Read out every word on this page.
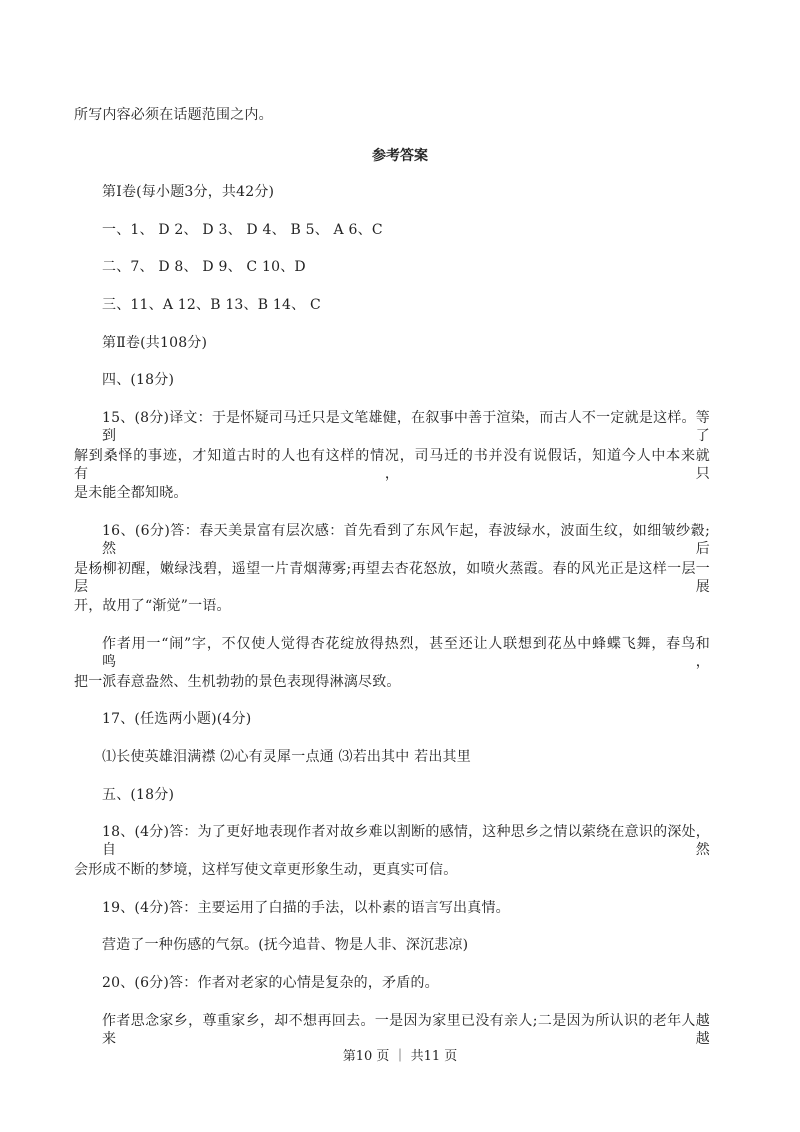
所写内容必须在话题范围之内。
参考答案
第Ⅰ卷(每小题3分，共42分)
一、1、 D 2、 D 3、 D 4、 B 5、 A 6、C
二、7、 D 8、 D 9、 C 10、D
三、11、A 12、B 13、B 14、 C
第Ⅱ卷(共108分)
四、(18分)
15、(8分)译文：于是怀疑司马迁只是文笔雄健，在叙事中善于渲染，而古人不一定就是这样。等到了
解到桑怿的事迹，才知道古时的人也有这样的情况，司马迁的书并没有说假话，知道今人中本来就有，只
是未能全都知晓。
16、(6分)答：春天美景富有层次感：首先看到了东风乍起，春波绿水，波面生纹，如细皱纱縠;然后
是杨柳初醒，嫩绿浅碧，遥望一片青烟薄雾;再望去杏花怒放，如喷火蒸霞。春的风光正是这样一层一层展
开，故用了“渐觉”一语。
作者用一“闹”字，不仅使人觉得杏花绽放得热烈，甚至还让人联想到花丛中蜂蝶飞舞，春鸟和鸣，
把一派春意盎然、生机勃勃的景色表现得淋漓尽致。
17、(任选两小题)(4分)
⑴长使英雄泪满襟 ⑵心有灵犀一点通 ⑶若出其中 若出其里
五、(18分)
18、(4分)答：为了更好地表现作者对故乡难以割断的感情，这种思乡之情以萦绕在意识的深处，自然
会形成不断的梦境，这样写使文章更形象生动，更真实可信。
19、(4分)答：主要运用了白描的手法，以朴素的语言写出真情。
营造了一种伤感的气氛。(抚今追昔、物是人非、深沉悲凉)
20、(6分)答：作者对老家的心情是复杂的，矛盾的。
作者思念家乡，尊重家乡，却不想再回去。一是因为家里已没有亲人;二是因为所认识的老年人越来越
第10 页 ｜ 共11 页
